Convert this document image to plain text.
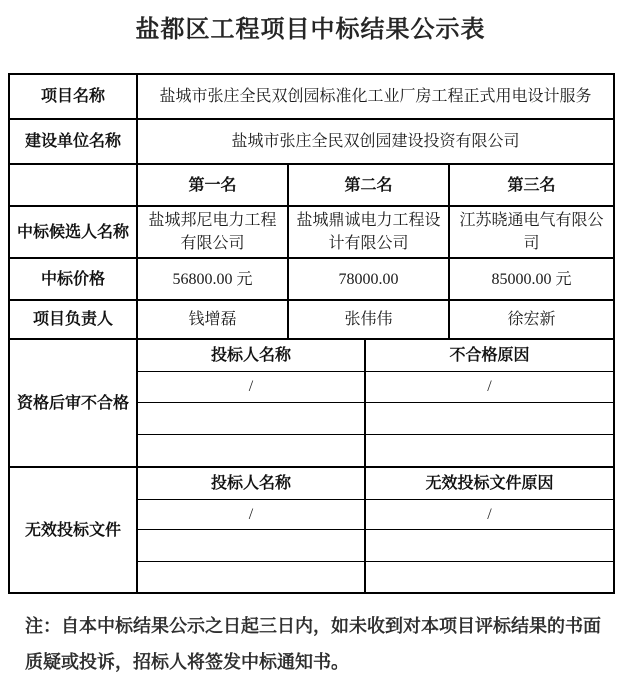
盐都区工程项目中标结果公示表
项目名称	盐城市张庄全民双创园标准化工业厂房工程正式用电设计服务
建设单位名称	盐城市张庄全民双创园建设投资有限公司
	第一名	第二名	第三名
中标候选人名称	盐城邦尼电力工程有限公司	盐城鼎诚电力工程设计有限公司	江苏晓通电气有限公司
中标价格	56800.00 元	78000.00	85000.00 元
项目负责人	钱增磊	张伟伟	徐宏新
资格后审不合格	
投标人名称	不合格原因
/	/

无效投标文件	
投标人名称	无效投标文件原因
/	/

注：自本中标结果公示之日起三日内，如未收到对本项目评标结果的书面质疑或投诉，招标人将签发中标通知书。
